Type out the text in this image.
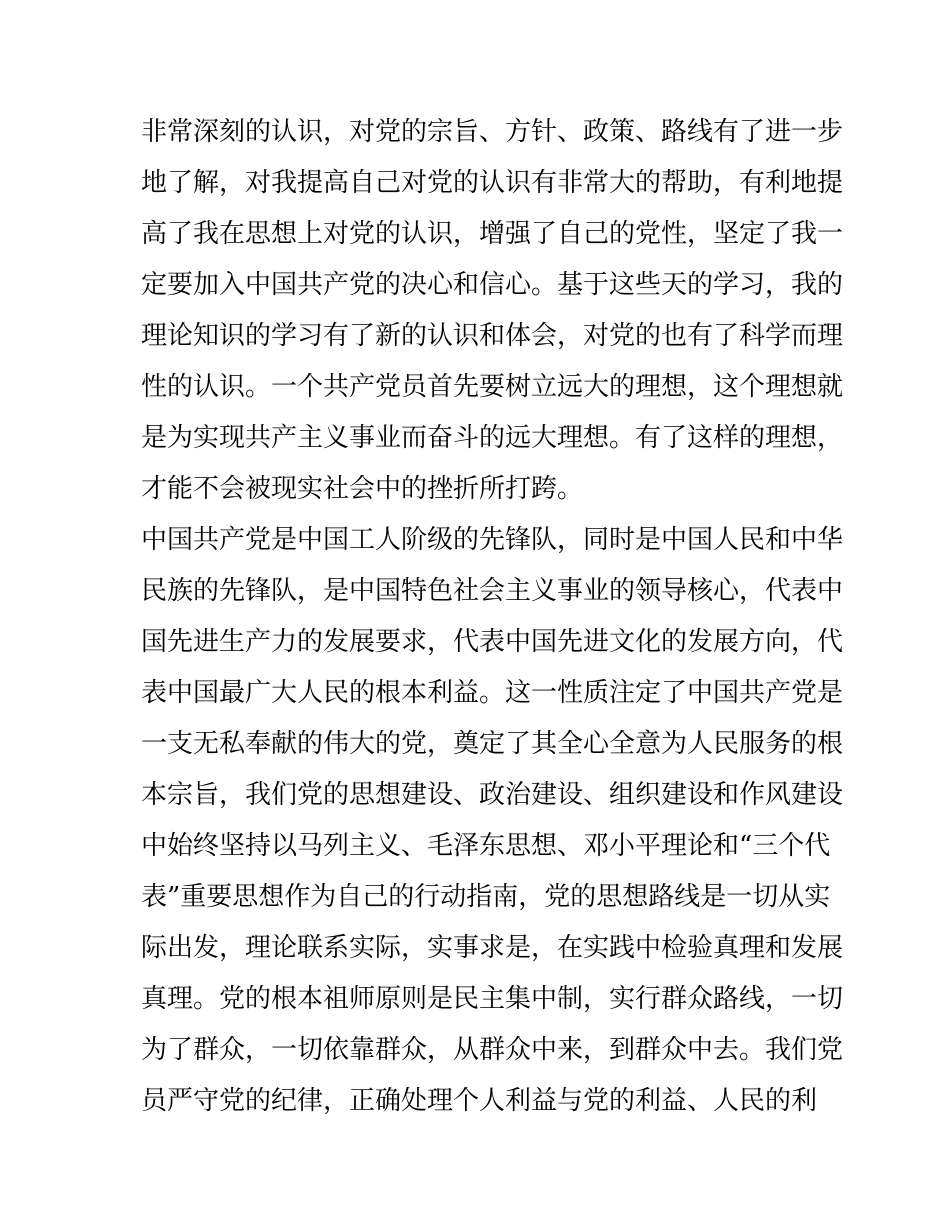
非常深刻的认识，对党的宗旨、方针、政策、路线有了进一步
地了解，对我提高自己对党的认识有非常大的帮助，有利地提
高了我在思想上对党的认识，增强了自己的党性，坚定了我一
定要加入中国共产党的决心和信心。基于这些天的学习，我的
理论知识的学习有了新的认识和体会，对党的也有了科学而理
性的认识。一个共产党员首先要树立远大的理想，这个理想就
是为实现共产主义事业而奋斗的远大理想。有了这样的理想，
才能不会被现实社会中的挫折所打跨。
中国共产党是中国工人阶级的先锋队，同时是中国人民和中华
民族的先锋队，是中国特色社会主义事业的领导核心，代表中
国先进生产力的发展要求，代表中国先进文化的发展方向，代
表中国最广大人民的根本利益。这一性质注定了中国共产党是
一支无私奉献的伟大的党，奠定了其全心全意为人民服务的根
本宗旨，我们党的思想建设、政治建设、组织建设和作风建设
中始终坚持以马列主义、毛泽东思想、邓小平理论和“三个代
表”重要思想作为自己的行动指南，党的思想路线是一切从实
际出发，理论联系实际，实事求是，在实践中检验真理和发展
真理。党的根本祖师原则是民主集中制，实行群众路线，一切
为了群众，一切依靠群众，从群众中来，到群众中去。我们党
员严守党的纪律，正确处理个人利益与党的利益、人民的利
